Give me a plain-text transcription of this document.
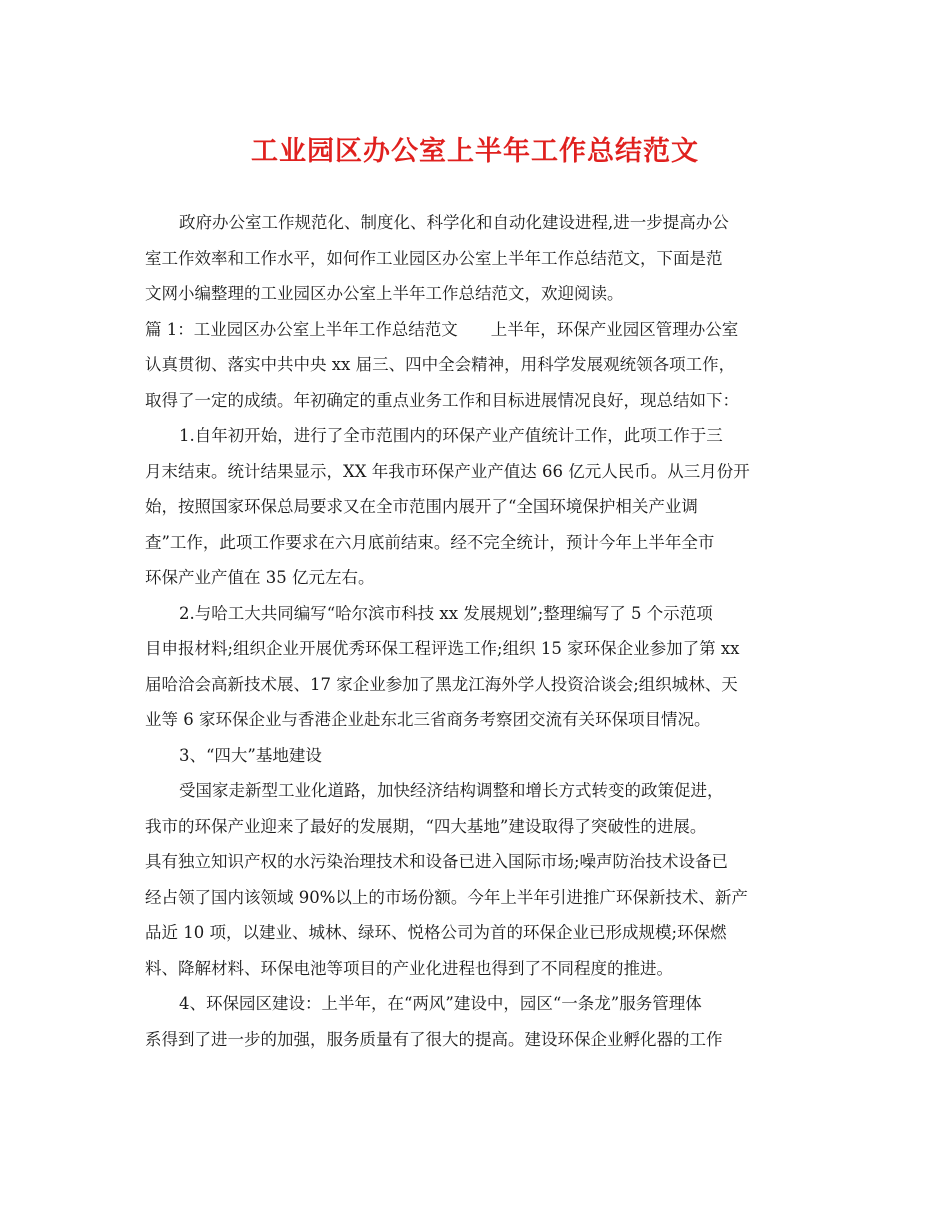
工业园区办公室上半年工作总结范文
政府办公室工作规范化、制度化、科学化和自动化建设进程,进一步提高办公
室工作效率和工作水平，如何作工业园区办公室上半年工作总结范文，下面是范
文网小编整理的工业园区办公室上半年工作总结范文，欢迎阅读。
篇 1：工业园区办公室上半年工作总结范文　　上半年，环保产业园区管理办公室
认真贯彻、落实中共中央 xx 届三、四中全会精神，用科学发展观统领各项工作，
取得了一定的成绩。年初确定的重点业务工作和目标进展情况良好，现总结如下：
1.自年初开始，进行了全市范围内的环保产业产值统计工作，此项工作于三
月末结束。统计结果显示，XX 年我市环保产业产值达 66 亿元人民币。从三月份开
始，按照国家环保总局要求又在全市范围内展开了“全国环境保护相关产业调
查”工作，此项工作要求在六月底前结束。经不完全统计，预计今年上半年全市
环保产业产值在 35 亿元左右。
2.与哈工大共同编写“哈尔滨市科技 xx 发展规划”;整理编写了 5 个示范项
目申报材料;组织企业开展优秀环保工程评选工作;组织 15 家环保企业参加了第 xx
届哈洽会高新技术展、17 家企业参加了黑龙江海外学人投资洽谈会;组织城林、天
业等 6 家环保企业与香港企业赴东北三省商务考察团交流有关环保项目情况。
3、“四大”基地建设
受国家走新型工业化道路，加快经济结构调整和增长方式转变的政策促进，
我市的环保产业迎来了最好的发展期，“四大基地”建设取得了突破性的进展。
具有独立知识产权的水污染治理技术和设备已进入国际市场;噪声防治技术设备已
经占领了国内该领域 90%以上的市场份额。今年上半年引进推广环保新技术、新产
品近 10 项，以建业、城林、绿环、悦格公司为首的环保企业已形成规模;环保燃
料、降解材料、环保电池等项目的产业化进程也得到了不同程度的推进。
4、环保园区建设：上半年，在“两风”建设中，园区“一条龙”服务管理体
系得到了进一步的加强，服务质量有了很大的提高。建设环保企业孵化器的工作
